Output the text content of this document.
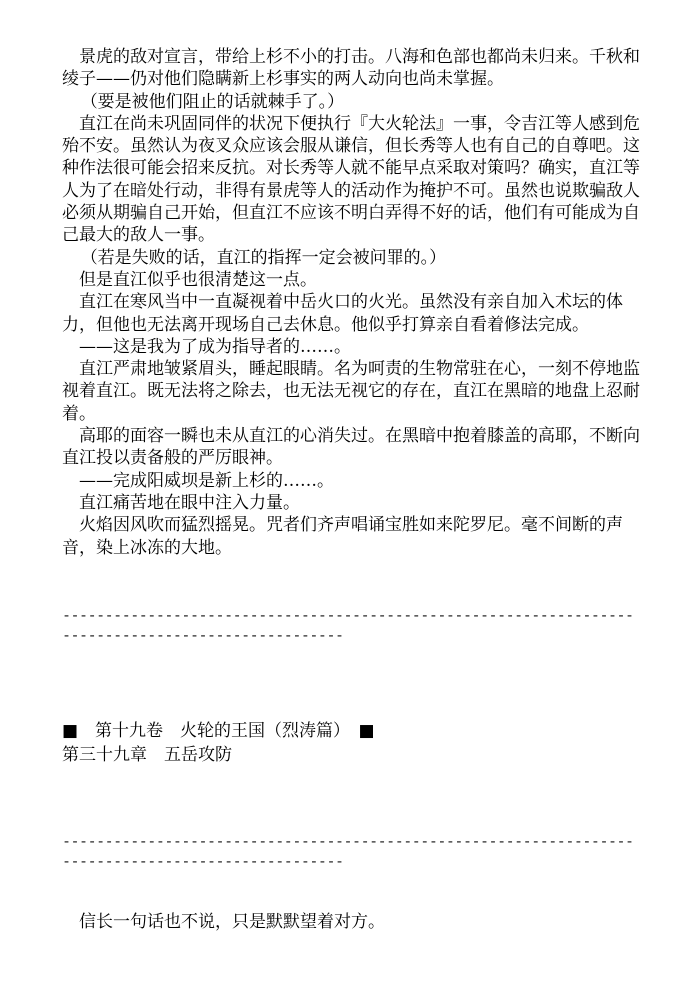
景虎的敌对宣言，带给上杉不小的打击。八海和色部也都尚未归来。千秋和绫子——仍对他们隐瞒新上杉事实的两人动向也尚未掌握。

（要是被他们阻止的话就棘手了。）

直江在尚未巩固同伴的状况下便执行『大火轮法』一事，令吉江等人感到危殆不安。虽然认为夜叉众应该会服从谦信，但长秀等人也有自己的自尊吧。这种作法很可能会招来反抗。对长秀等人就不能早点采取对策吗？确实，直江等人为了在暗处行动，非得有景虎等人的活动作为掩护不可。虽然也说欺骗敌人必须从期骗自己开始，但直江不应该不明白弄得不好的话，他们有可能成为自己最大的敌人一事。

（若是失败的话，直江的指挥一定会被问罪的。）

但是直江似乎也很清楚这一点。

直江在寒风当中一直凝视着中岳火口的火光。虽然没有亲自加入术坛的体力，但他也无法离开现场自己去休息。他似乎打算亲自看着修法完成。

——这是我为了成为指导者的……。

直江严肃地皱紧眉头，睡起眼睛。名为呵责的生物常驻在心，一刻不停地监视着直江。既无法将之除去，也无法无视它的存在，直江在黑暗的地盘上忍耐着。

高耶的面容一瞬也未从直江的心消失过。在黑暗中抱着膝盖的高耶，不断向直江投以责备般的严厉眼神。

——完成阳威坝是新上杉的……。

直江痛苦地在眼中注入力量。

火焰因风吹而猛烈摇晃。咒者们齐声唱诵宝胜如来陀罗尼。毫不间断的声音，染上冰冻的大地。

----------------------------------------------------------------------------------------------------

■　第十九卷　火轮的王国（烈涛篇）　■

第三十九章　五岳攻防

----------------------------------------------------------------------------------------------------

信长一句话也不说，只是默默望着对方。
